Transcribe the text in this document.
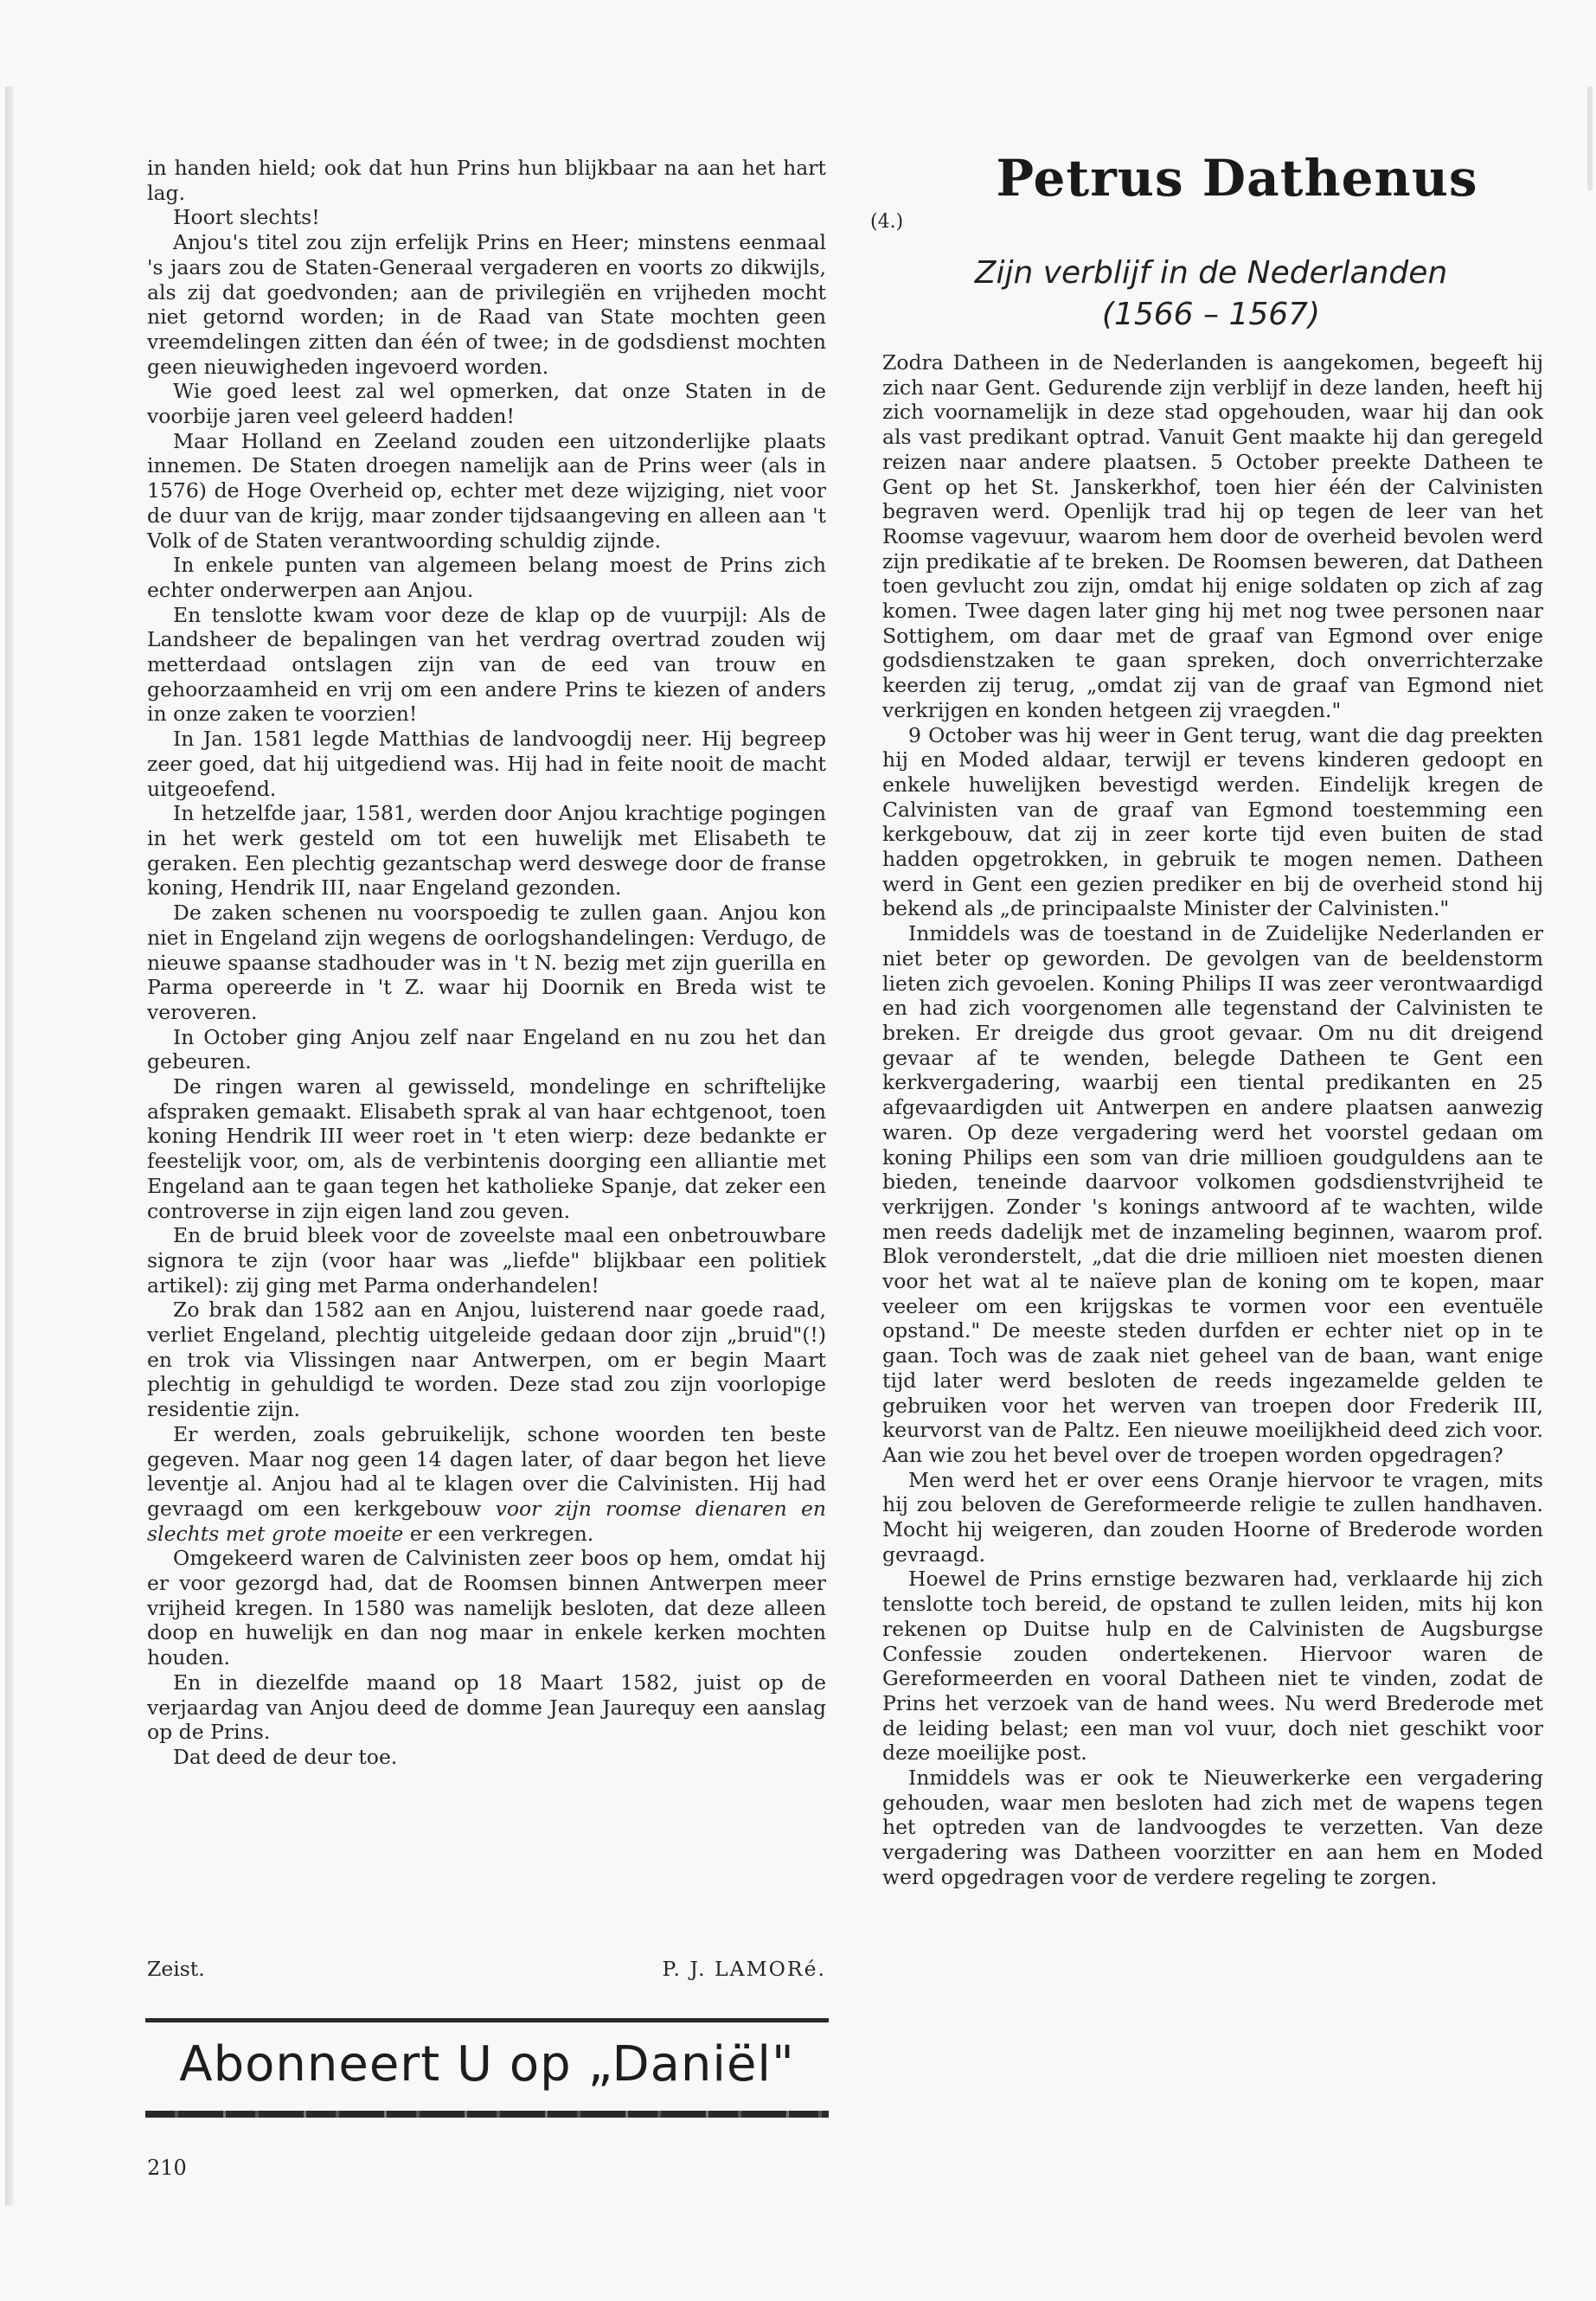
in handen hield; ook dat hun Prins hun blijkbaar na aan het hart lag.

Hoort slechts!

Anjou's titel zou zijn erfelijk Prins en Heer; minstens eenmaal 's jaars zou de Staten-Generaal vergaderen en voorts zo dikwijls, als zij dat goedvonden; aan de privilegiën en vrijheden mocht niet getornd worden; in de Raad van State mochten geen vreemdelingen zitten dan één of twee; in de godsdienst mochten geen nieuwigheden ingevoerd worden.

Wie goed leest zal wel opmerken, dat onze Staten in de voorbije jaren veel geleerd hadden!

Maar Holland en Zeeland zouden een uitzonderlijke plaats innemen. De Staten droegen namelijk aan de Prins weer (als in 1576) de Hoge Overheid op, echter met deze wijziging, niet voor de duur van de krijg, maar zonder tijdsaangeving en alleen aan 't Volk of de Staten verantwoording schuldig zijnde.

In enkele punten van algemeen belang moest de Prins zich echter onderwerpen aan Anjou.

En tenslotte kwam voor deze de klap op de vuurpijl: Als de Landsheer de bepalingen van het verdrag overtrad zouden wij metterdaad ontslagen zijn van de eed van trouw en gehoorzaamheid en vrij om een andere Prins te kiezen of anders in onze zaken te voorzien!

In Jan. 1581 legde Matthias de landvoogdij neer. Hij begreep zeer goed, dat hij uitgediend was. Hij had in feite nooit de macht uitgeoefend.

In hetzelfde jaar, 1581, werden door Anjou krachtige pogingen in het werk gesteld om tot een huwelijk met Elisabeth te geraken. Een plechtig gezantschap werd deswege door de franse koning, Hendrik III, naar Engeland gezonden.

De zaken schenen nu voorspoedig te zullen gaan. Anjou kon niet in Engeland zijn wegens de oorlogshandelingen: Verdugo, de nieuwe spaanse stadhouder was in 't N. bezig met zijn guerilla en Parma opereerde in 't Z. waar hij Doornik en Breda wist te veroveren.

In October ging Anjou zelf naar Engeland en nu zou het dan gebeuren.

De ringen waren al gewisseld, mondelinge en schriftelijke afspraken gemaakt. Elisabeth sprak al van haar echtgenoot, toen koning Hendrik III weer roet in 't eten wierp: deze bedankte er feestelijk voor, om, als de verbintenis doorging een alliantie met Engeland aan te gaan tegen het katholieke Spanje, dat zeker een controverse in zijn eigen land zou geven.

En de bruid bleek voor de zoveelste maal een onbetrouwbare signora te zijn (voor haar was „liefde" blijkbaar een politiek artikel): zij ging met Parma onderhandelen!

Zo brak dan 1582 aan en Anjou, luisterend naar goede raad, verliet Engeland, plechtig uitgeleide gedaan door zijn „bruid"(!) en trok via Vlissingen naar Antwerpen, om er begin Maart plechtig in gehuldigd te worden. Deze stad zou zijn voorlopige residentie zijn.

Er werden, zoals gebruikelijk, schone woorden ten beste gegeven. Maar nog geen 14 dagen later, of daar begon het lieve leventje al. Anjou had al te klagen over die Calvinisten. Hij had gevraagd om een kerkgebouw voor zijn roomse dienaren en slechts met grote moeite er een verkregen.

Omgekeerd waren de Calvinisten zeer boos op hem, omdat hij er voor gezorgd had, dat de Roomsen binnen Antwerpen meer vrijheid kregen. In 1580 was namelijk besloten, dat deze alleen doop en huwelijk en dan nog maar in enkele kerken mochten houden.

En in diezelfde maand op 18 Maart 1582, juist op de verjaardag van Anjou deed de domme Jean Jaurequy een aanslag op de Prins.

Dat deed de deur toe.

Zeist.	P. J. LAMORé.
Abonneert U op „Daniël"
210
(4.)
Petrus Dathenus
Zijn verblijf in de Nederlanden
(1566 – 1567)

Zodra Datheen in de Nederlanden is aangekomen, begeeft hij zich naar Gent. Gedurende zijn verblijf in deze landen, heeft hij zich voornamelijk in deze stad opgehouden, waar hij dan ook als vast predikant optrad. Vanuit Gent maakte hij dan geregeld reizen naar andere plaatsen. 5 October preekte Datheen te Gent op het St. Janskerkhof, toen hier één der Calvinisten begraven werd. Openlijk trad hij op tegen de leer van het Roomse vagevuur, waarom hem door de overheid bevolen werd zijn predikatie af te breken. De Roomsen beweren, dat Datheen toen gevlucht zou zijn, omdat hij enige soldaten op zich af zag komen. Twee dagen later ging hij met nog twee personen naar Sottighem, om daar met de graaf van Egmond over enige godsdienstzaken te gaan spreken, doch onverrichterzake keerden zij terug, „omdat zij van de graaf van Egmond niet verkrijgen en konden hetgeen zij vraegden."

9 October was hij weer in Gent terug, want die dag preekten hij en Moded aldaar, terwijl er tevens kinderen gedoopt en enkele huwelijken bevestigd werden. Eindelijk kregen de Calvinisten van de graaf van Egmond toestemming een kerkgebouw, dat zij in zeer korte tijd even buiten de stad hadden opgetrokken, in gebruik te mogen nemen. Datheen werd in Gent een gezien prediker en bij de overheid stond hij bekend als „de principaalste Minister der Calvinisten."

Inmiddels was de toestand in de Zuidelijke Nederlanden er niet beter op geworden. De gevolgen van de beeldenstorm lieten zich gevoelen. Koning Philips II was zeer verontwaardigd en had zich voorgenomen alle tegenstand der Calvinisten te breken. Er dreigde dus groot gevaar. Om nu dit dreigend gevaar af te wenden, belegde Datheen te Gent een kerkvergadering, waarbij een tiental predikanten en 25 afgevaardigden uit Antwerpen en andere plaatsen aanwezig waren. Op deze vergadering werd het voorstel gedaan om koning Philips een som van drie millioen goudguldens aan te bieden, teneinde daarvoor volkomen godsdienstvrijheid te verkrijgen. Zonder 's konings antwoord af te wachten, wilde men reeds dadelijk met de inzameling beginnen, waarom prof. Blok veronderstelt, „dat die drie millioen niet moesten dienen voor het wat al te naïeve plan de koning om te kopen, maar veeleer om een krijgskas te vormen voor een eventuële opstand." De meeste steden durfden er echter niet op in te gaan. Toch was de zaak niet geheel van de baan, want enige tijd later werd besloten de reeds ingezamelde gelden te gebruiken voor het werven van troepen door Frederik III, keurvorst van de Paltz. Een nieuwe moeilijkheid deed zich voor. Aan wie zou het bevel over de troepen worden opgedragen?

Men werd het er over eens Oranje hiervoor te vragen, mits hij zou beloven de Gereformeerde religie te zullen handhaven. Mocht hij weigeren, dan zouden Hoorne of Brederode worden gevraagd.

Hoewel de Prins ernstige bezwaren had, verklaarde hij zich tenslotte toch bereid, de opstand te zullen leiden, mits hij kon rekenen op Duitse hulp en de Calvinisten de Augsburgse Confessie zouden ondertekenen. Hiervoor waren de Gereformeerden en vooral Datheen niet te vinden, zodat de Prins het verzoek van de hand wees. Nu werd Brederode met de leiding belast; een man vol vuur, doch niet geschikt voor deze moeilijke post.

Inmiddels was er ook te Nieuwerkerke een vergadering gehouden, waar men besloten had zich met de wapens tegen het optreden van de landvoogdes te verzetten. Van deze vergadering was Datheen voorzitter en aan hem en Moded werd opgedragen voor de verdere regeling te zorgen.
